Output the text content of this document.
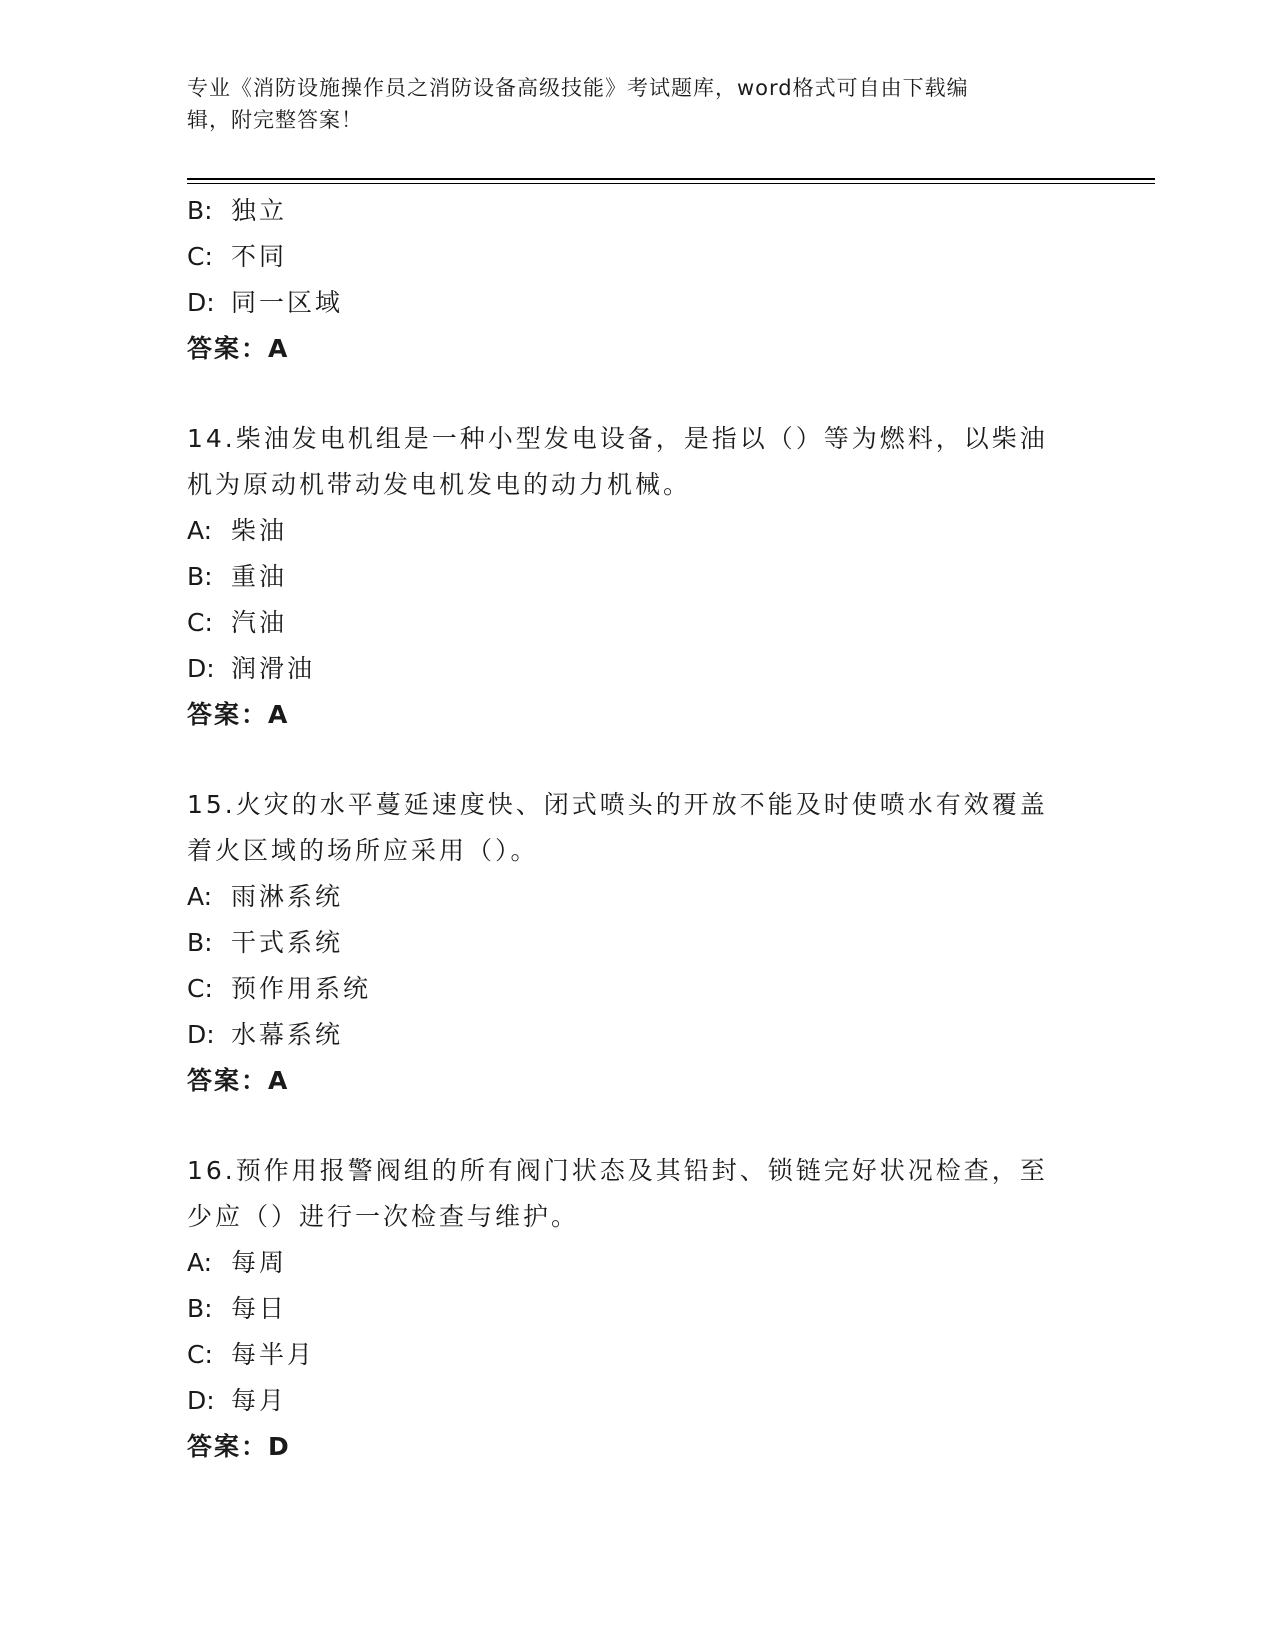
专业《消防设施操作员之消防设备高级技能》考试题库，word格式可自由下载编
辑，附完整答案！
B: 独立
C: 不同
D: 同一区域
答案：A
14.柴油发电机组是一种小型发电设备，是指以（）等为燃料，以柴油
机为原动机带动发电机发电的动力机械。
A: 柴油
B: 重油
C: 汽油
D: 润滑油
答案：A
15.火灾的水平蔓延速度快、闭式喷头的开放不能及时使喷水有效覆盖
着火区域的场所应采用（）。
A: 雨淋系统
B: 干式系统
C: 预作用系统
D: 水幕系统
答案：A
16.预作用报警阀组的所有阀门状态及其铅封、锁链完好状况检查，至
少应（）进行一次检查与维护。
A: 每周
B: 每日
C: 每半月
D: 每月
答案：D
